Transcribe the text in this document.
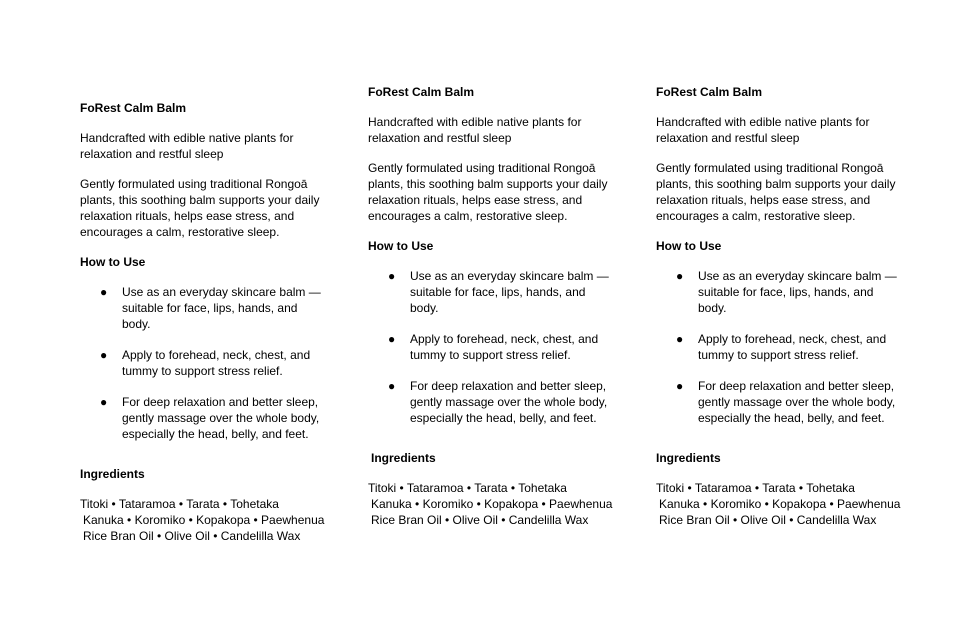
FoRest Calm Balm

Handcrafted with edible native plants for relaxation and restful sleep

Gently formulated using traditional Rongoā plants, this soothing balm supports your daily relaxation rituals, helps ease stress, and encourages a calm, restorative sleep.

How to Use

● Use as an everyday skincare balm — suitable for face, lips, hands, and body.
● Apply to forehead, neck, chest, and tummy to support stress relief.
● For deep relaxation and better sleep, gently massage over the whole body, especially the head, belly, and feet.

Ingredients

Titoki • Tataramoa • Tarata • Tohetaka

Kanuka • Koromiko • Kopakopa • Paewhenua

Rice Bran Oil • Olive Oil • Candelilla Wax

FoRest Calm Balm

Handcrafted with edible native plants for relaxation and restful sleep

Gently formulated using traditional Rongoā plants, this soothing balm supports your daily relaxation rituals, helps ease stress, and encourages a calm, restorative sleep.

How to Use

● Use as an everyday skincare balm — suitable for face, lips, hands, and body.
● Apply to forehead, neck, chest, and tummy to support stress relief.
● For deep relaxation and better sleep, gently massage over the whole body, especially the head, belly, and feet.

Ingredients

Titoki • Tataramoa • Tarata • Tohetaka

Kanuka • Koromiko • Kopakopa • Paewhenua

Rice Bran Oil • Olive Oil • Candelilla Wax

FoRest Calm Balm

Handcrafted with edible native plants for relaxation and restful sleep

Gently formulated using traditional Rongoā plants, this soothing balm supports your daily relaxation rituals, helps ease stress, and encourages a calm, restorative sleep.

How to Use

● Use as an everyday skincare balm — suitable for face, lips, hands, and body.
● Apply to forehead, neck, chest, and tummy to support stress relief.
● For deep relaxation and better sleep, gently massage over the whole body, especially the head, belly, and feet.

Ingredients

Titoki • Tataramoa • Tarata • Tohetaka

Kanuka • Koromiko • Kopakopa • Paewhenua

Rice Bran Oil • Olive Oil • Candelilla Wax
